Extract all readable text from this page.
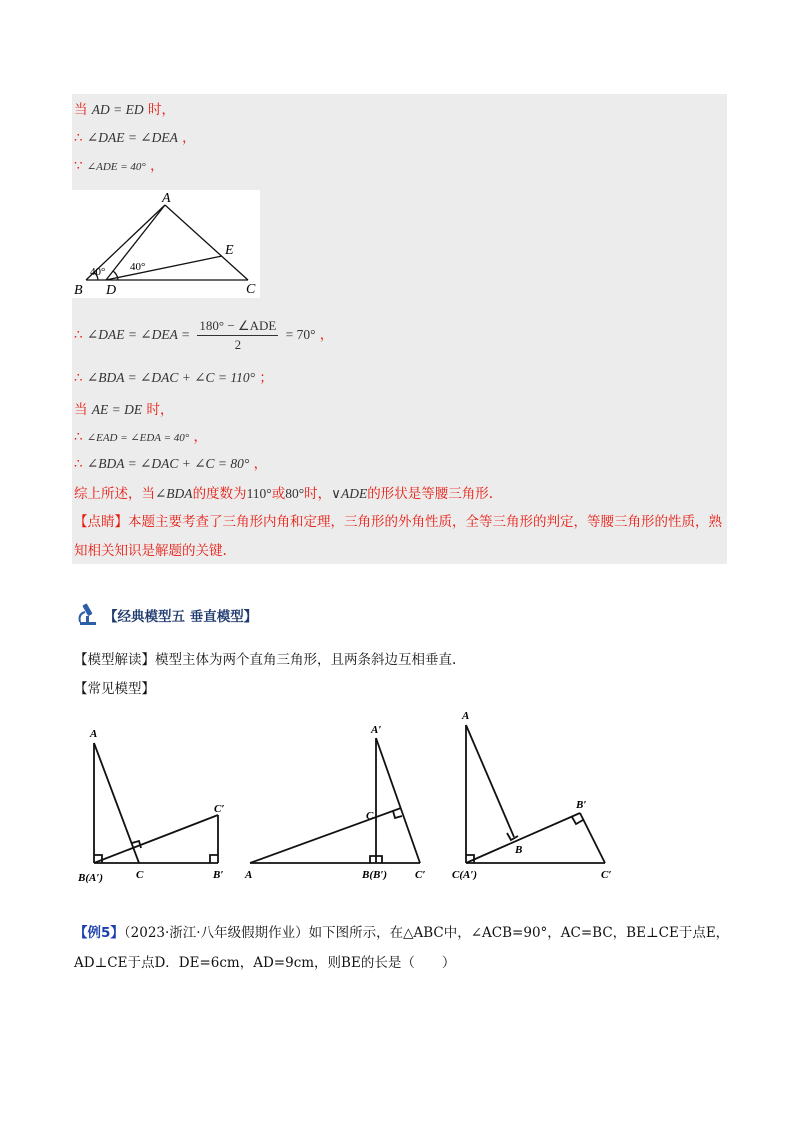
当 AD = ED 时，
∴ ∠DAE = ∠DEA ，
∵ ∠ADE = 40° ，
A
B D	C
E
40° 40°
∴ ∠DAE = ∠DEA = $\frac{\text{180° − ∠ADE}}{2} = 70^\circ$ ，
∴ ∠BDA = ∠DAC + ∠C = 110° ；
当 AE = DE 时，
∴ ∠EAD = ∠EDA = 40° ，
∴ ∠BDA = ∠DAC + ∠C = 80° ，
综上所述，当∠BDA的度数为110°或80°时，∨ADE的形状是等腰三角形.
【点睛】本题主要考查了三角形内角和定理，三角形的外角性质，全等三角形的判定，等腰三角形的性质，熟知相关知识是解题的关键.
【经典模型五 垂直模型】
【模型解读】模型主体为两个直角三角形，且两条斜边互相垂直.
【常见模型】
A
C′
B(A′)	C	B′
A′
C
A	B(B′)	C′
A
B′
B
C(A′)	C′
【例5】（2023·浙江·八年级假期作业）如下图所示，在△ABC中，∠ACB=90°，AC=BC，BE⊥CE于点E，AD⊥CE于点D．DE=6cm，AD=9cm，则BE的长是（　　）
